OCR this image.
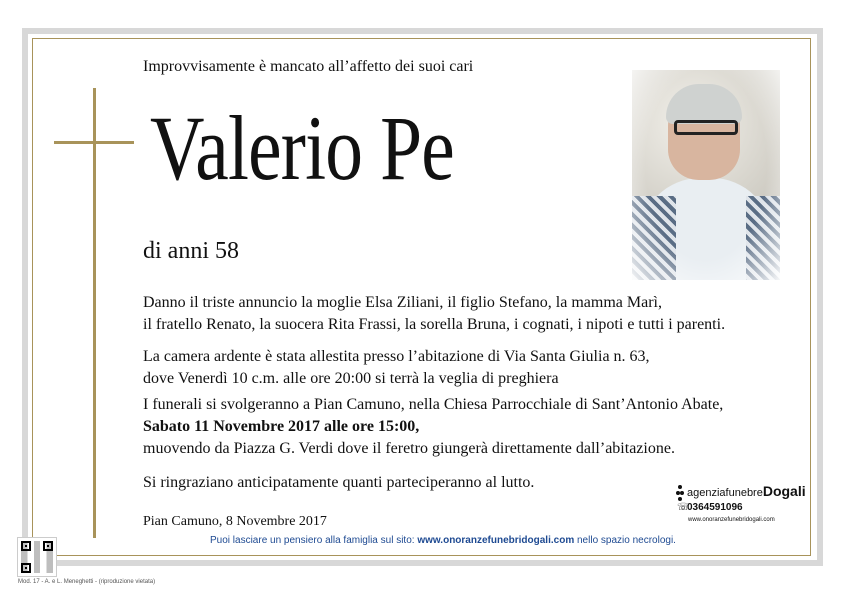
Improvvisamente è mancato all’affetto dei suoi cari
Valerio Pe
di anni 58
Danno il triste annuncio la moglie Elsa Ziliani, il figlio Stefano, la mamma Marì,
il fratello Renato, la suocera Rita Frassi, la sorella Bruna, i cognati, i nipoti e tutti i parenti.
La camera ardente è stata allestita presso l’abitazione di Via Santa Giulia n. 63,
dove Venerdì 10 c.m. alle ore 20:00 si terrà la veglia di preghiera
I funerali si svolgeranno a Pian Camuno, nella Chiesa Parrocchiale di Sant’Antonio Abate,
Sabato 11 Novembre 2017 alle ore 15:00,
muovendo da Piazza G. Verdi dove il feretro giungerà direttamente dall’abitazione.
Si ringraziano anticipatamente quanti parteciperanno al lutto.
Pian Camuno, 8 Novembre 2017
agenziafunebreDogali
☏
0364591096
www.onoranzefunebridogali.com
Puoi lasciare un pensiero alla famiglia sul sito: www.onoranzefunebridogali.com nello spazio necrologi.
Mod. 17 - A. e L. Meneghetti - (riproduzione vietata)
